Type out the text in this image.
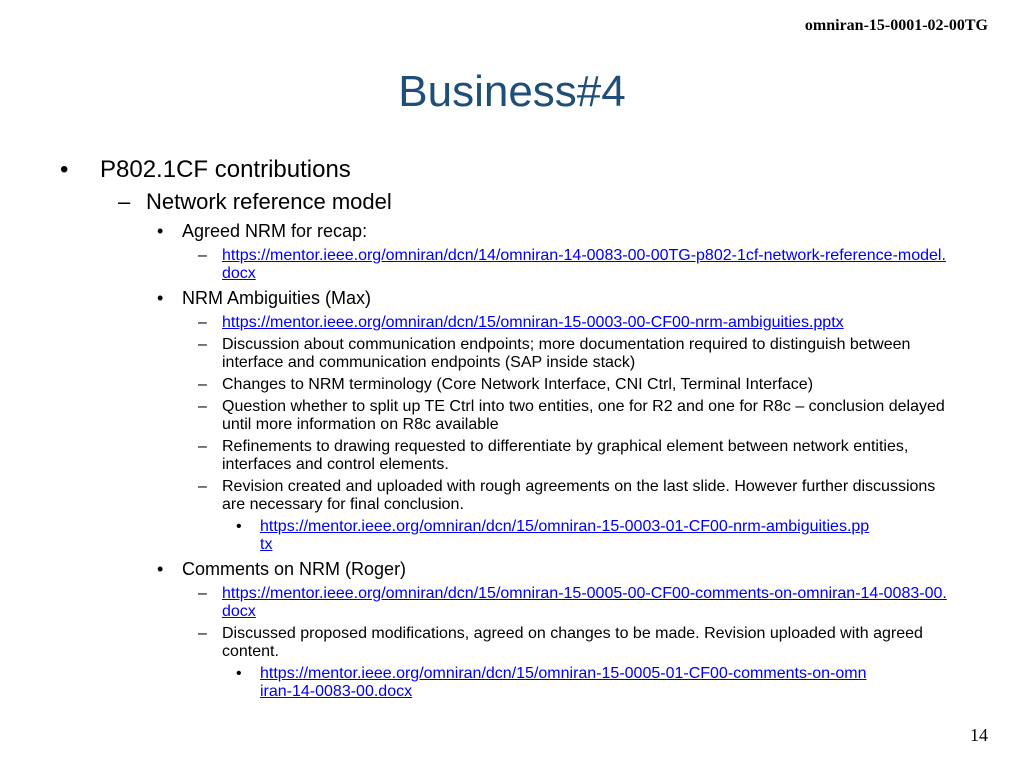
omniran-15-0001-02-00TG
Business#4
• P802.1CF contributions
– Network reference model
• Agreed NRM for recap:
– https://mentor.ieee.org/omniran/dcn/14/omniran-14-0083-00-00TG-p802-1cf-network-reference-model.docx
• NRM Ambiguities (Max)
– https://mentor.ieee.org/omniran/dcn/15/omniran-15-0003-00-CF00-nrm-ambiguities.pptx
– Discussion about communication endpoints; more documentation required to distinguish between interface and communication endpoints (SAP inside stack)
– Changes to NRM terminology (Core Network Interface, CNI Ctrl, Terminal Interface)
– Question whether to split up TE Ctrl into two entities, one for R2 and one for R8c – conclusion delayed until more information on R8c available
– Refinements to drawing requested to differentiate by graphical element between network entities, interfaces and control elements.
– Revision created and uploaded with rough agreements on the last slide. However further discussions are necessary for final conclusion.
• https://mentor.ieee.org/omniran/dcn/15/omniran-15-0003-01-CF00-nrm-ambiguities.pptx
• Comments on NRM (Roger)
– https://mentor.ieee.org/omniran/dcn/15/omniran-15-0005-00-CF00-comments-on-omniran-14-0083-00.docx
– Discussed proposed modifications, agreed on changes to be made. Revision uploaded with agreed content.
• https://mentor.ieee.org/omniran/dcn/15/omniran-15-0005-01-CF00-comments-on-omniran-14-0083-00.docx
14
